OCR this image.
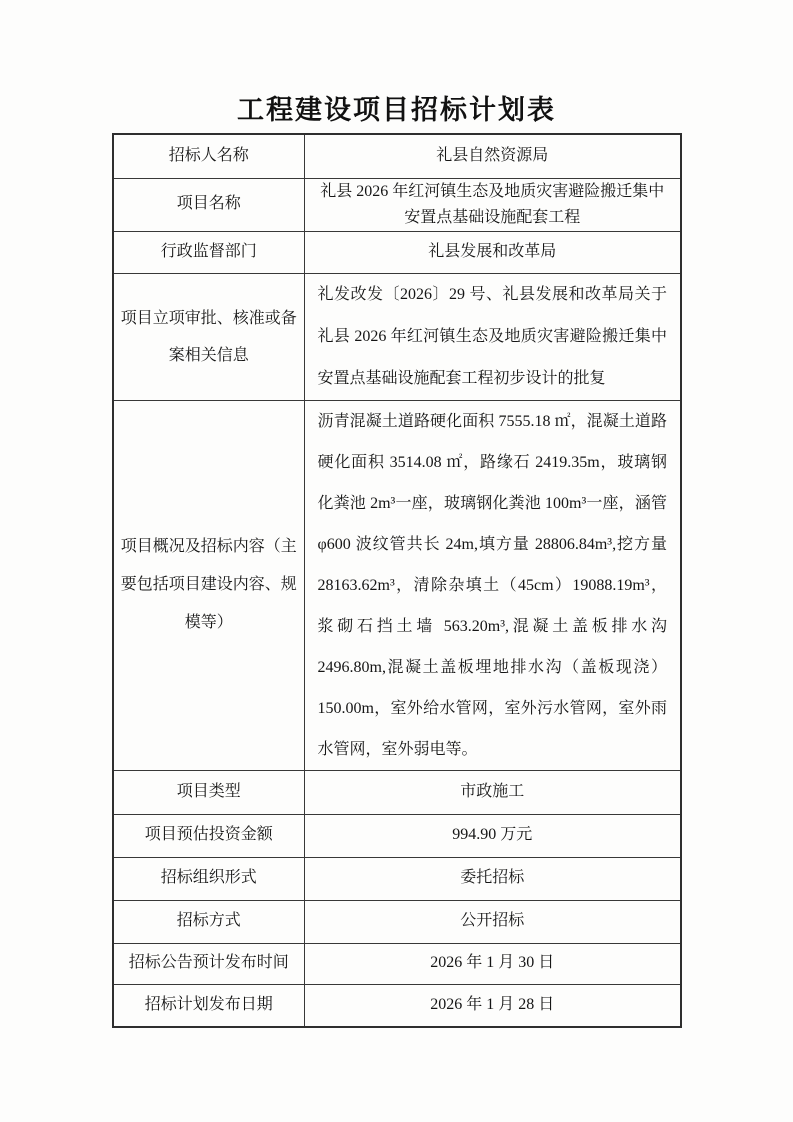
工程建设项目招标计划表
招标人名称	礼县自然资源局
项目名称	礼县 2026 年红河镇生态及地质灾害避险搬迁集中安置点基础设施配套工程
行政监督部门	礼县发展和改革局
项目立项审批、核准或备案相关信息	礼发改发〔2026〕29 号、礼县发展和改革局关于礼县 2026 年红河镇生态及地质灾害避险搬迁集中安置点基础设施配套工程初步设计的批复
项目概况及招标内容（主要包括项目建设内容、规模等）	沥青混凝土道路硬化面积 7555.18 ㎡，混凝土道路硬化面积 3514.08 ㎡，路缘石 2419.35m，玻璃钢化粪池 2m³一座，玻璃钢化粪池 100m³一座，涵管φ600 波纹管共长 24m,填方量 28806.84m³,挖方量 28163.62m³，清除杂填土（45cm）19088.19m³，浆砌石挡土墙 563.20m³,混凝土盖板排水沟 2496.80m,混凝土盖板埋地排水沟（盖板现浇）150.00m，室外给水管网，室外污水管网，室外雨水管网，室外弱电等。
项目类型	市政施工
项目预估投资金额	994.90 万元
招标组织形式	委托招标
招标方式	公开招标
招标公告预计发布时间	2026 年 1 月 30 日
招标计划发布日期	2026 年 1 月 28 日
